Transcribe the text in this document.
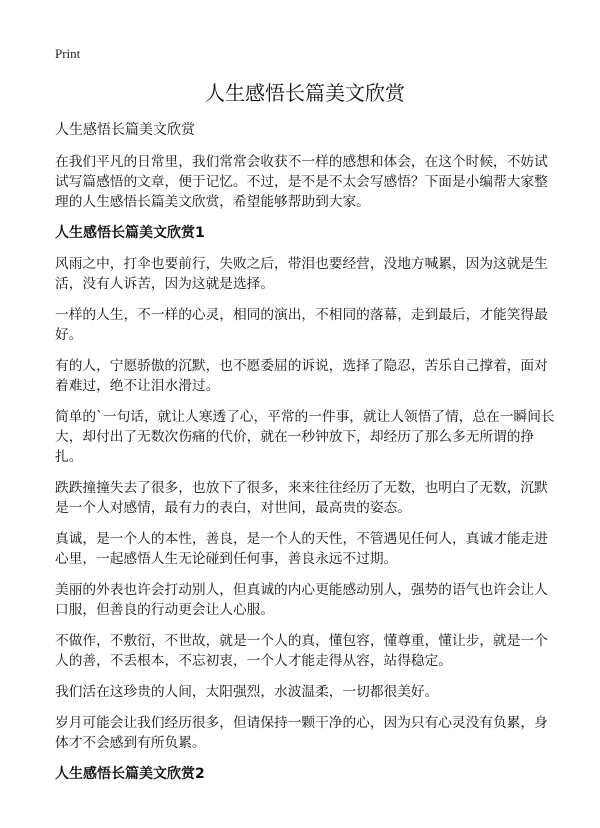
Print
人生感悟长篇美文欣赏
人生感悟长篇美文欣赏

在我们平凡的日常里，我们常常会收获不一样的感想和体会，在这个时候，不妨试试写篇感悟的文章，便于记忆。不过，是不是不太会写感悟？下面是小编帮大家整理的人生感悟长篇美文欣赏，希望能够帮助到大家。

人生感悟长篇美文欣赏1

风雨之中，打伞也要前行，失败之后，带泪也要经营，没地方喊累，因为这就是生活，没有人诉苦，因为这就是选择。

一样的人生，不一样的心灵，相同的演出，不相同的落幕，走到最后，才能笑得最好。

有的人，宁愿骄傲的沉默，也不愿委屈的诉说，选择了隐忍，苦乐自己撑着，面对着难过，绝不让泪水滑过。

简单的`一句话，就让人寒透了心，平常的一件事，就让人领悟了情，总在一瞬间长大，却付出了无数次伤痛的代价，就在一秒钟放下，却经历了那么多无所谓的挣扎。

跌跌撞撞失去了很多，也放下了很多，来来往往经历了无数，也明白了无数，沉默是一个人对感情，最有力的表白，对世间，最高贵的姿态。

真诚，是一个人的本性，善良，是一个人的天性，不管遇见任何人，真诚才能走进心里，一起感悟人生无论碰到任何事，善良永远不过期。

美丽的外表也许会打动别人，但真诚的内心更能感动别人，强势的语气也许会让人口服，但善良的行动更会让人心服。

不做作，不敷衍，不世故，就是一个人的真，懂包容，懂尊重，懂让步，就是一个人的善，不丢根本，不忘初衷，一个人才能走得从容，站得稳定。

我们活在这珍贵的人间，太阳强烈，水波温柔，一切都很美好。

岁月可能会让我们经历很多，但请保持一颗干净的心，因为只有心灵没有负累，身体才不会感到有所负累。

人生感悟长篇美文欣赏2
